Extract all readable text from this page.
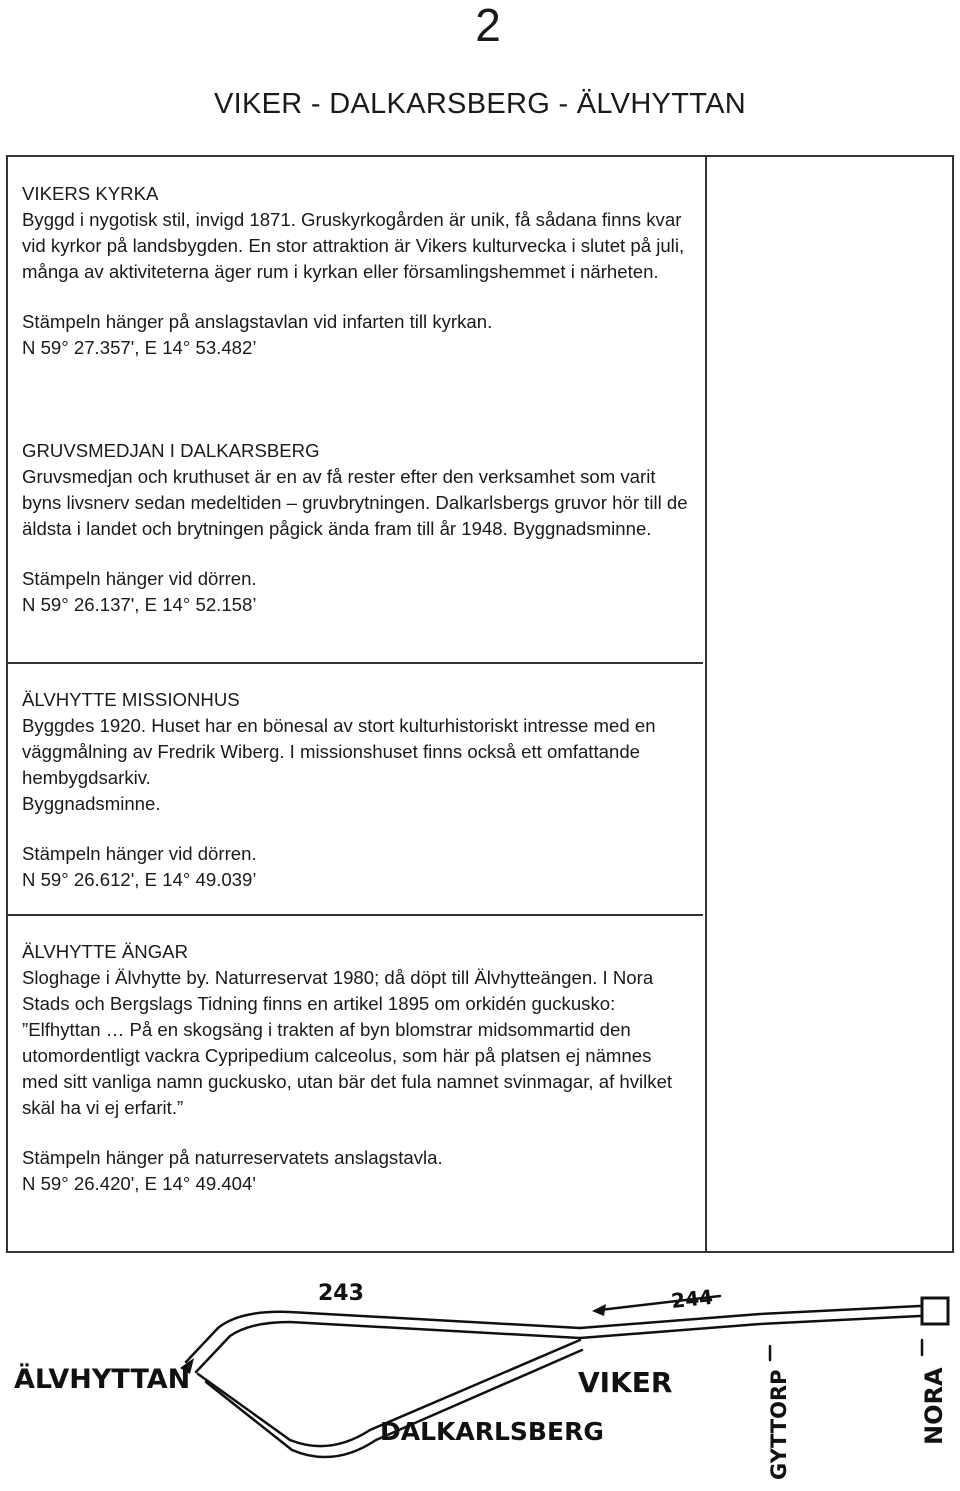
2
VIKER - DALKARSBERG - ÄLVHYTTAN

VIKERS KYRKA

Byggd i nygotisk stil, invigd 1871. Gruskyrkogården är unik, få sådana finns kvar vid kyrkor på landsbygden. En stor attraktion är Vikers kulturvecka i slutet på juli, många av aktiviteterna äger rum i kyrkan eller församlingshemmet i närheten.

Stämpeln hänger på anslagstavlan vid infarten till kyrkan.

N 59° 27.357', E 14° 53.482’

GRUVSMEDJAN I DALKARSBERG

Gruvsmedjan och kruthuset är en av få rester efter den verksamhet som varit byns livsnerv sedan medeltiden – gruvbrytningen. Dalkarlsbergs gruvor hör till de äldsta i landet och brytningen pågick ända fram till år 1948. Byggnadsminne.

Stämpeln hänger vid dörren.

N 59° 26.137', E 14° 52.158’

ÄLVHYTTE MISSIONHUS

Byggdes 1920. Huset har en bönesal av stort kulturhistoriskt intresse med en väggmålning av Fredrik Wiberg. I missionshuset finns också ett omfattande hembygdsarkiv.

Byggnadsminne.

Stämpeln hänger vid dörren.

N 59° 26.612', E 14° 49.039’

ÄLVHYTTE ÄNGAR

Sloghage i Älvhytte by. Naturreservat 1980; då döpt till Älvhytteängen. I Nora Stads och Bergslags Tidning finns en artikel 1895 om orkidén guckusko: ”Elfhyttan … På en skogsäng i trakten af byn blomstrar midsommartid den utomordentligt vackra Cypripedium calceolus, som här på platsen ej nämnes med sitt vanliga namn guckusko, utan bär det fula namnet svinmagar, af hvilket skäl ha vi ej erfarit.”

Stämpeln hänger på naturreservatets anslagstavla.

N 59° 26.420', E 14° 49.404'

243	244
ÄLVHYTTAN	VIKER
DALKARLSBERG	GYTTORP	NORA
